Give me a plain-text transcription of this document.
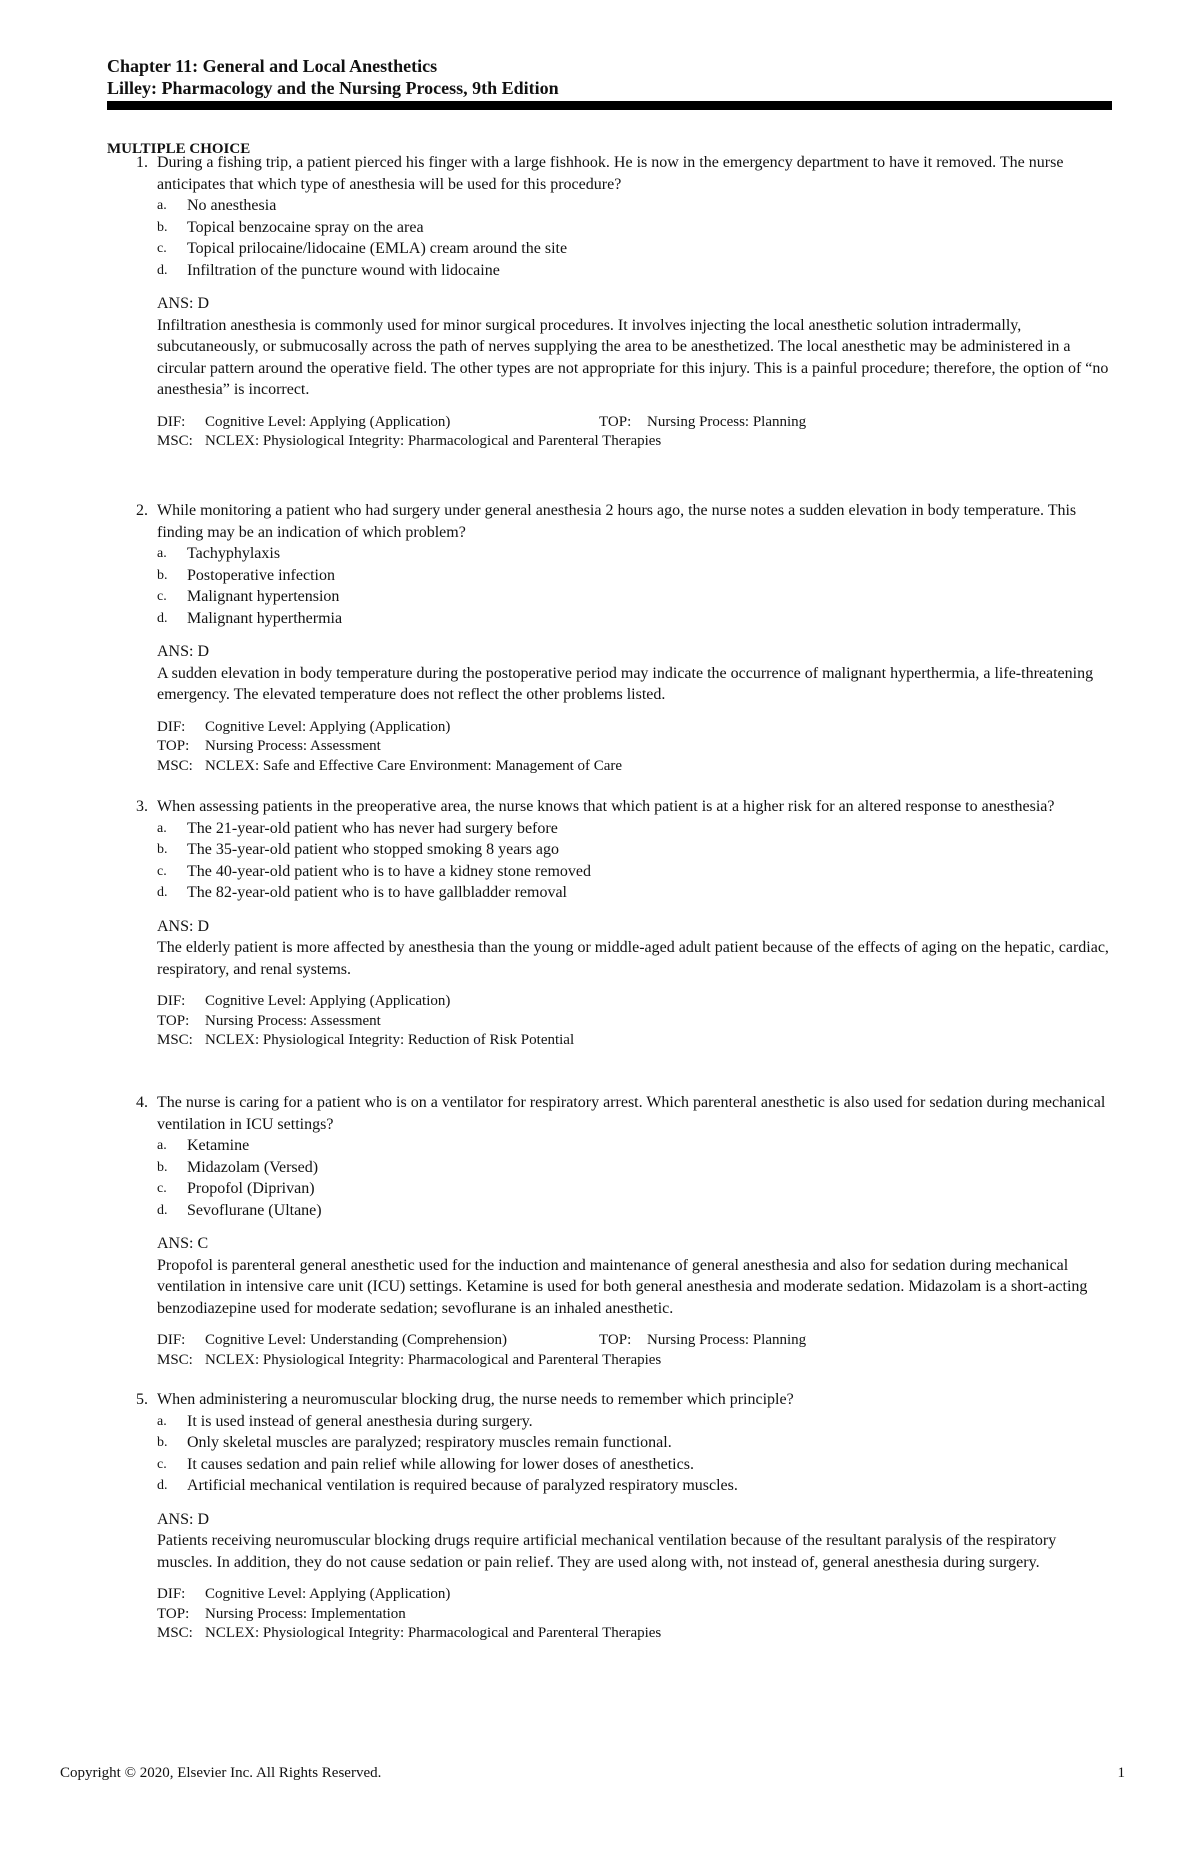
Chapter 11: General and Local Anesthetics
Lilley: Pharmacology and the Nursing Process, 9th Edition
MULTIPLE CHOICE
1. During a fishing trip, a patient pierced his finger with a large fishhook. He is now in the emergency department to have it removed. The nurse anticipates that which type of anesthesia will be used for this procedure?
a. No anesthesia
b. Topical benzocaine spray on the area
c. Topical prilocaine/lidocaine (EMLA) cream around the site
d. Infiltration of the puncture wound with lidocaine
ANS: D
Infiltration anesthesia is commonly used for minor surgical procedures. It involves injecting the local anesthetic solution intradermally, subcutaneously, or submucosally across the path of nerves supplying the area to be anesthetized. The local anesthetic may be administered in a circular pattern around the operative field. The other types are not appropriate for this injury. This is a painful procedure; therefore, the option of “no anesthesia” is incorrect.
DIF: Cognitive Level: Applying (Application)	TOP: Nursing Process: Planning
MSC: NCLEX: Physiological Integrity: Pharmacological and Parenteral Therapies
2. While monitoring a patient who had surgery under general anesthesia 2 hours ago, the nurse notes a sudden elevation in body temperature. This finding may be an indication of which problem?
a. Tachyphylaxis
b. Postoperative infection
c. Malignant hypertension
d. Malignant hyperthermia
ANS: D
A sudden elevation in body temperature during the postoperative period may indicate the occurrence of malignant hyperthermia, a life-threatening emergency. The elevated temperature does not reflect the other problems listed.
DIF: Cognitive Level: Applying (Application)
TOP: Nursing Process: Assessment
MSC: NCLEX: Safe and Effective Care Environment: Management of Care
3. When assessing patients in the preoperative area, the nurse knows that which patient is at a higher risk for an altered response to anesthesia?
a. The 21-year-old patient who has never had surgery before
b. The 35-year-old patient who stopped smoking 8 years ago
c. The 40-year-old patient who is to have a kidney stone removed
d. The 82-year-old patient who is to have gallbladder removal
ANS: D
The elderly patient is more affected by anesthesia than the young or middle-aged adult patient because of the effects of aging on the hepatic, cardiac, respiratory, and renal systems.
DIF: Cognitive Level: Applying (Application)
TOP: Nursing Process: Assessment
MSC: NCLEX: Physiological Integrity: Reduction of Risk Potential
4. The nurse is caring for a patient who is on a ventilator for respiratory arrest. Which parenteral anesthetic is also used for sedation during mechanical ventilation in ICU settings?
a. Ketamine
b. Midazolam (Versed)
c. Propofol (Diprivan)
d. Sevoflurane (Ultane)
ANS: C
Propofol is parenteral general anesthetic used for the induction and maintenance of general anesthesia and also for sedation during mechanical ventilation in intensive care unit (ICU) settings. Ketamine is used for both general anesthesia and moderate sedation. Midazolam is a short-acting benzodiazepine used for moderate sedation; sevoflurane is an inhaled anesthetic.
DIF: Cognitive Level: Understanding (Comprehension)	TOP: Nursing Process: Planning
MSC: NCLEX: Physiological Integrity: Pharmacological and Parenteral Therapies
5. When administering a neuromuscular blocking drug, the nurse needs to remember which principle?
a. It is used instead of general anesthesia during surgery.
b. Only skeletal muscles are paralyzed; respiratory muscles remain functional.
c. It causes sedation and pain relief while allowing for lower doses of anesthetics.
d. Artificial mechanical ventilation is required because of paralyzed respiratory muscles.
ANS: D
Patients receiving neuromuscular blocking drugs require artificial mechanical ventilation because of the resultant paralysis of the respiratory muscles. In addition, they do not cause sedation or pain relief. They are used along with, not instead of, general anesthesia during surgery.
DIF: Cognitive Level: Applying (Application)
TOP: Nursing Process: Implementation
MSC: NCLEX: Physiological Integrity: Pharmacological and Parenteral Therapies
Copyright © 2020, Elsevier Inc. All Rights Reserved.	1
